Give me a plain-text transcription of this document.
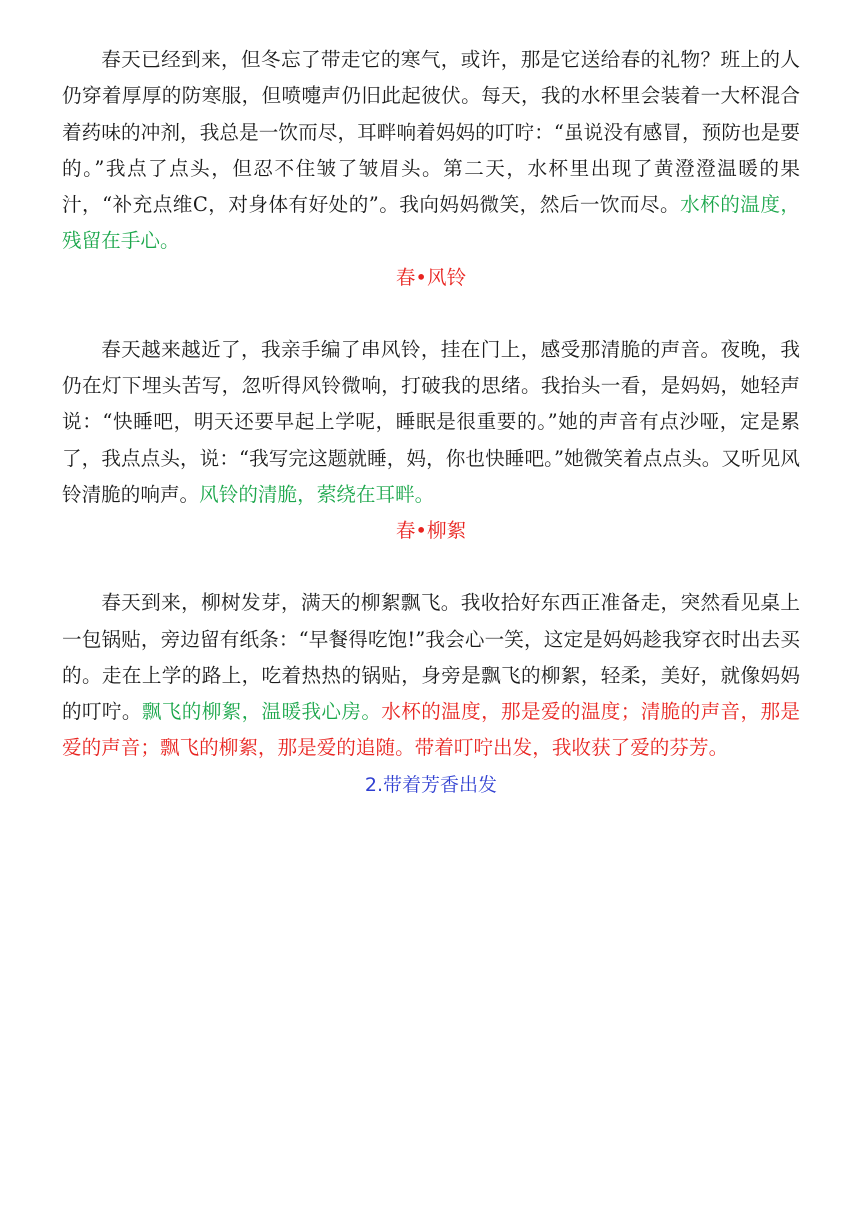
春天已经到来，但冬忘了带走它的寒气，或许，那是它送给春的礼物？班上的人仍穿着厚厚的防寒服，但喷嚏声仍旧此起彼伏。每天，我的水杯里会装着一大杯混合着药味的冲剂，我总是一饮而尽，耳畔响着妈妈的叮咛：“虽说没有感冒，预防也是要的。”我点了点头，但忍不住皱了皱眉头。第二天，水杯里出现了黄澄澄温暖的果汁，“补充点维C，对身体有好处的”。我向妈妈微笑，然后一饮而尽。水杯的温度，残留在手心。

春•风铃

春天越来越近了，我亲手编了串风铃，挂在门上，感受那清脆的声音。夜晚，我仍在灯下埋头苦写，忽听得风铃微响，打破我的思绪。我抬头一看，是妈妈，她轻声说：“快睡吧，明天还要早起上学呢，睡眠是很重要的。”她的声音有点沙哑，定是累了，我点点头，说：“我写完这题就睡，妈，你也快睡吧。”她微笑着点点头。又听见风铃清脆的响声。风铃的清脆，萦绕在耳畔。

春•柳絮

春天到来，柳树发芽，满天的柳絮飘飞。我收拾好东西正准备走，突然看见桌上一包锅贴，旁边留有纸条：“早餐得吃饱!”我会心一笑，这定是妈妈趁我穿衣时出去买的。走在上学的路上，吃着热热的锅贴，身旁是飘飞的柳絮，轻柔，美好，就像妈妈的叮咛。飘飞的柳絮，温暖我心房。水杯的温度，那是爱的温度；清脆的声音，那是爱的声音；飘飞的柳絮，那是爱的追随。带着叮咛出发，我收获了爱的芬芳。

2.带着芳香出发
